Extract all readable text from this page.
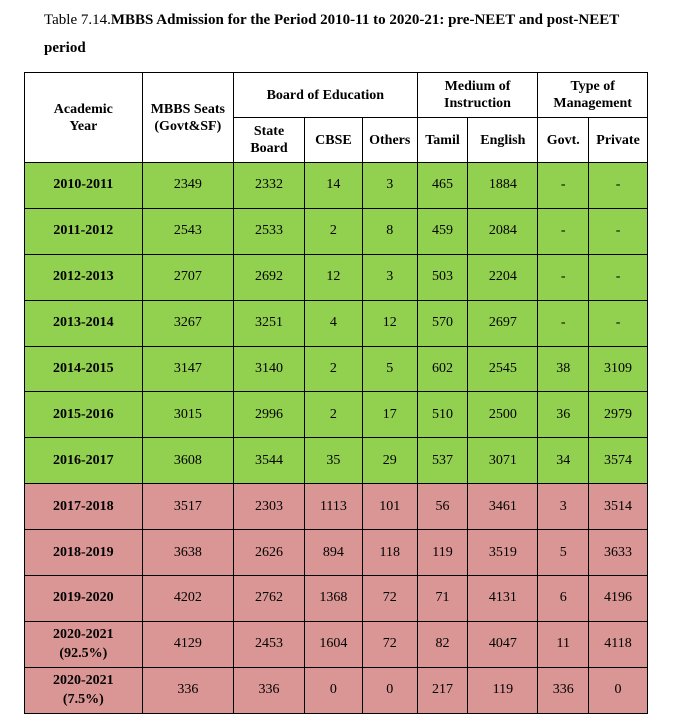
Table 7.14.MBBS Admission for the Period 2010-11 to 2020-21: pre-NEET and post-NEET
period
Academic Year	MBBS Seats (Govt&SF)	Board of Education			Medium of Instruction		Type of Management	
		State Board	CBSE	Others	Tamil	English	Govt.	Private
2010-2011	2349	2332	14	3	465	1884	-	-
2011-2012	2543	2533	2	8	459	2084	-	-
2012-2013	2707	2692	12	3	503	2204	-	-
2013-2014	3267	3251	4	12	570	2697	-	-
2014-2015	3147	3140	2	5	602	2545	38	3109
2015-2016	3015	2996	2	17	510	2500	36	2979
2016-2017	3608	3544	35	29	537	3071	34	3574
2017-2018	3517	2303	1113	101	56	3461	3	3514
2018-2019	3638	2626	894	118	119	3519	5	3633
2019-2020	4202	2762	1368	72	71	4131	6	4196
2020-2021
(92.5%)	4129	2453	1604	72	82	4047	11	4118
2020-2021
(7.5%)	336	336	0	0	217	119	336	0
